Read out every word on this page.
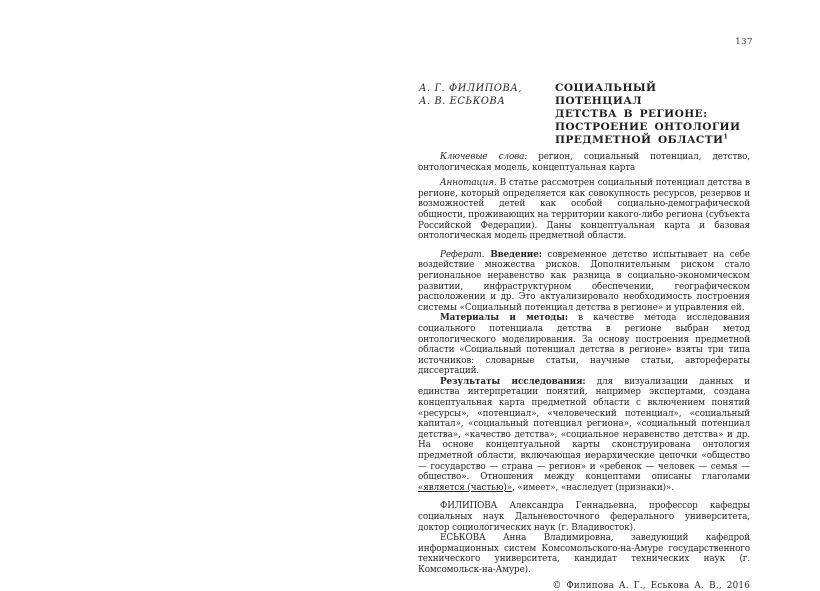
137
А. Г. ФИЛИПОВА,
А. В. ЕСЬКОВА
СОЦИАЛЬНЫЙ ПОТЕНЦИАЛ
ДЕТСТВА В РЕГИОНЕ:
ПОСТРОЕНИЕ ОНТОЛОГИИ
ПРЕДМЕТНОЙ ОБЛАСТИ$^1$

Ключевые слова: регион, социальный потенциал, детство, онтологическая модель, концептуальная карта

Аннотация. В статье рассмотрен социальный потенциал детства в регионе, который определяется как совокупность ресурсов, резервов и возможностей детей как особой социально-демографической общности, проживающих на территории какого-либо региона (субъекта Российской Федерации). Даны концептуальная карта и базовая онтологическая модель предметной области.

Реферат. Введение: современное детство испытывает на себе воздействие множества рисков. Дополнительным риском стало региональное неравенство как разница в социально-экономическом развитии, инфраструктурном обеспечении, географическом расположении и др. Это актуализировало необходимость построения системы «Социальный потенциал детства в регионе» и управления ей.

Материалы и методы: в качестве метода исследования социального потенциала детства в регионе выбран метод онтологического моделирования. За основу построения предметной области «Социальный потенциал детства в регионе» взяты три типа источников: словарные статьи, научные статьи, авторефераты диссертаций.

Результаты исследования: для визуализации данных и единства интерпретации понятий, например экспертами, создана концептуальная карта предметной области с включением понятий «ресурсы», «потенциал», «человеческий потенциал», «социальный капитал», «социальный потенциал региона», «социальный потенциал детства», «качество детства», «социальное неравенство детства» и др. На основе концептуальной карты сконструирована онтология предметной области, включающая иерархические цепочки «общество — государство — страна — регион» и «ребенок — человек — семья — общество». Отношения между концептами описаны глаголами «является (частью)», «имеет», «наследует (признаки)».

ФИЛИПОВА Александра Геннадьевна, профессор кафедры социальных наук Дальневосточного федерального университета, доктор социологических наук (г. Владивосток).

ЕСЬКОВА Анна Владимировна, заведующий кафедрой информационных систем Комсомольского-на-Амуре государственного технического университета, кандидат технических наук (г. Комсомольск-на-Амуре).

© Филипова А. Г., Еськова А. В., 2016
